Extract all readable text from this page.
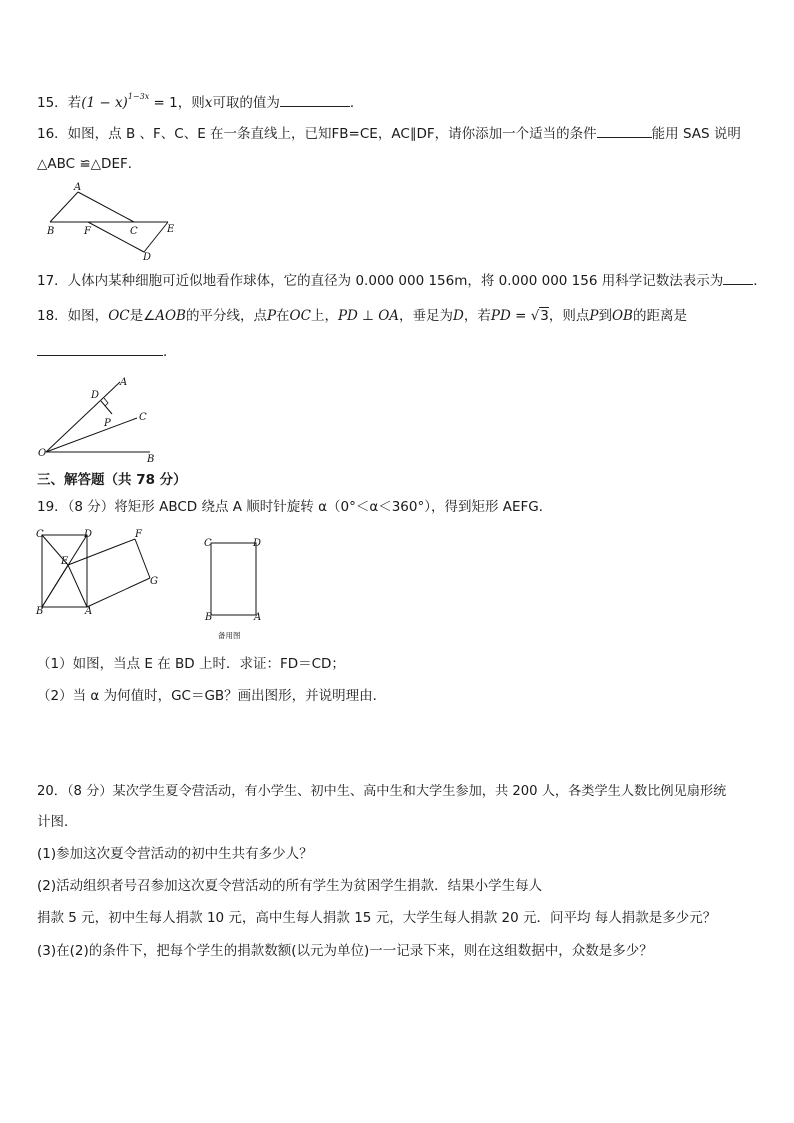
15．若$(1 - x)^{1-3x} = 1$，则x可取的值为	．
16．如图，点 B 、F、C、E 在一条直线上，已知FB=CE，AC∥DF，请你添加一个适当的条件	能用 SAS 说明
△ABC ≌△DEF．
A
B	F	C
D
E
17．人体内某种细胞可近似地看作球体，它的直径为 0.000 000 156m，将 0.000 000 156 用科学记数法表示为 ．
18．如图，OC是∠AOB的平分线，点P在OC上，PD ⊥ OA，垂足为D，若PD = √3，则点P到OB的距离是
．
D
A
C
P
O
B
三、解答题（共 78 分）
19．（8 分）将矩形 ABCD 绕点 A 顺时针旋转 α（0°＜α＜360°），得到矩形 AEFG．
C	D	F
E
G
B	A
C	D
B	A
备用图
（1）如图，当点 E 在 BD 上时．求证：FD＝CD；
（2）当 α 为何值时，GC＝GB？画出图形，并说明理由．
20．（8 分）某次学生夏令营活动，有小学生、初中生、高中生和大学生参加，共 200 人，各类学生人数比例见扇形统
计图．
(1)参加这次夏令营活动的初中生共有多少人？
(2)活动组织者号召参加这次夏令营活动的所有学生为贫困学生捐款．结果小学生每人
捐款 5 元，初中生每人捐款 10 元，高中生每人捐款 15 元，大学生每人捐款 20 元．问平均 每人捐款是多少元？
(3)在(2)的条件下，把每个学生的捐款数额(以元为单位)一一记录下来，则在这组数据中，众数是多少？
